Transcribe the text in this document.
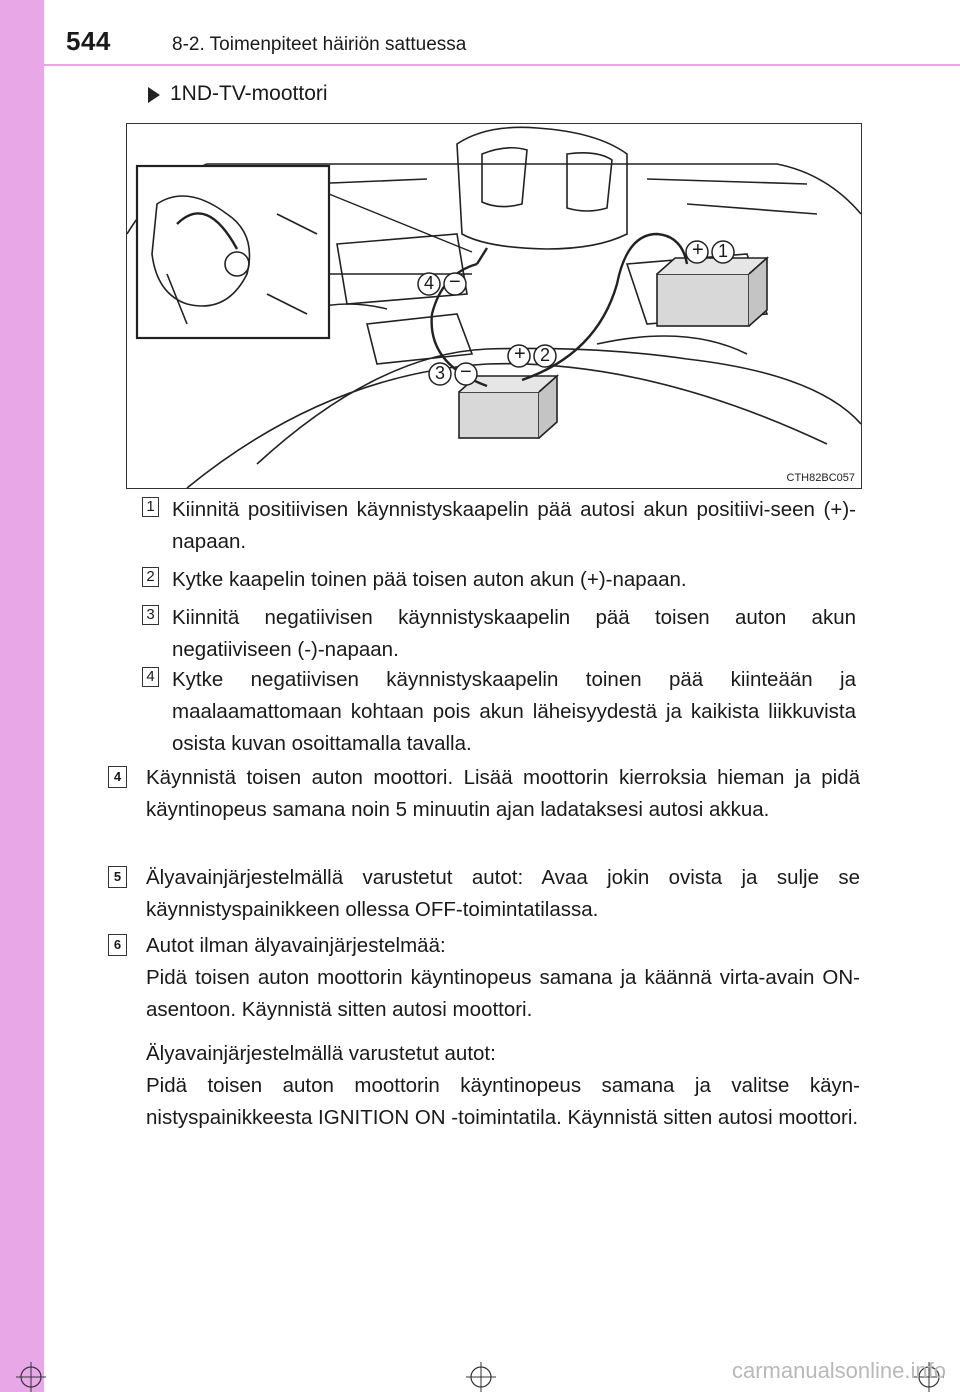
544	8-2. Toimenpiteet häiriön sattuessa
1ND-TV-moottori
1
+
2
+
3 −
4 −
CTH82BC057
1 Kiinnitä positiivisen käynnistyskaapelin pää autosi akun positiivi-seen (+)-napaan.
2 Kytke kaapelin toinen pää toisen auton akun (+)-napaan.
3 Kiinnitä negatiivisen käynnistyskaapelin pää toisen auton akun negatiiviseen (-)-napaan.
4 Kytke negatiivisen käynnistyskaapelin toinen pää kiinteään ja maalaamattomaan kohtaan pois akun läheisyydestä ja kaikista liikkuvista osista kuvan osoittamalla tavalla.
4 Käynnistä toisen auton moottori. Lisää moottorin kierroksia hieman ja pidä käyntinopeus samana noin 5 minuutin ajan ladataksesi autosi akkua.
5 Älyavainjärjestelmällä varustetut autot: Avaa jokin ovista ja sulje se käynnistyspainikkeen ollessa OFF-toimintatilassa.
6 Autot ilman älyavainjärjestelmää:
Pidä toisen auton moottorin käyntinopeus samana ja käännä virta-avain ON-asentoon. Käynnistä sitten autosi moottori.
Älyavainjärjestelmällä varustetut autot:
Pidä toisen auton moottorin käyntinopeus samana ja valitse käyn-nistyspainikkeesta IGNITION ON -toimintatila. Käynnistä sitten autosi moottori.
carmanualsonline.info
